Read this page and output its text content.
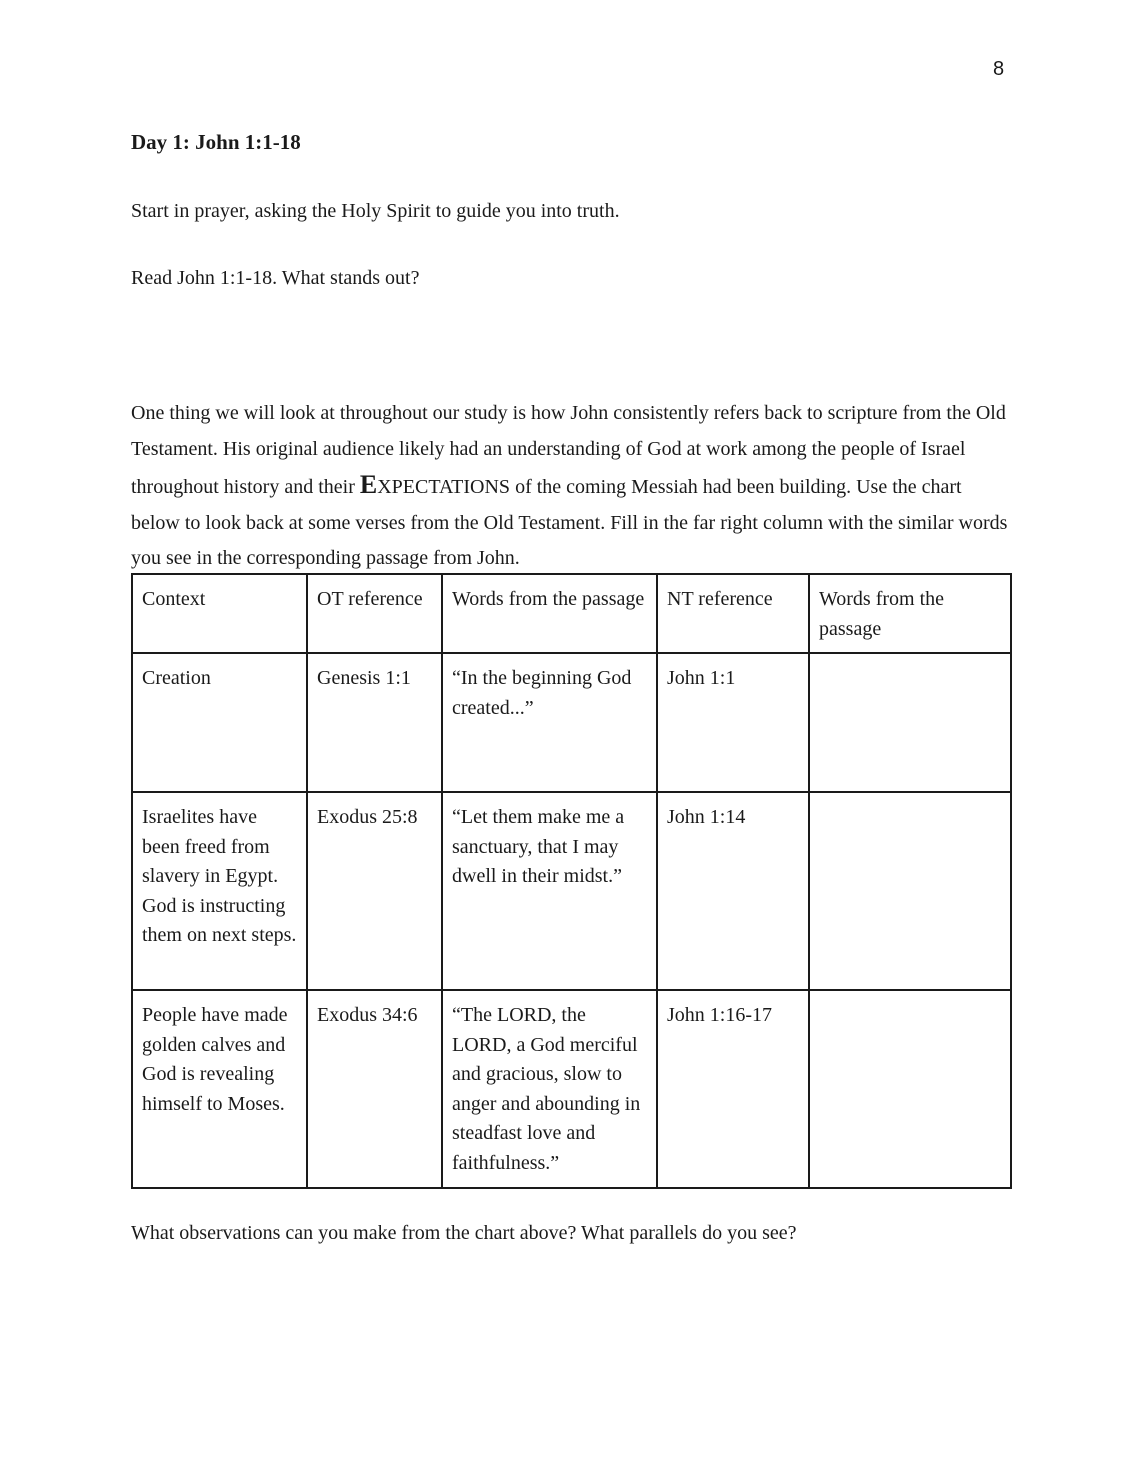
8
Day 1: John 1:1-18

Start in prayer, asking the Holy Spirit to guide you into truth.

Read John 1:1-18. What stands out?

One thing we will look at throughout our study is how John consistently refers back to scripture from the Old Testament. His original audience likely had an understanding of God at work among the people of Israel throughout history and their EXPECTATIONS of the coming Messiah had been building. Use the chart below to look back at some verses from the Old Testament. Fill in the far right column with the similar words you see in the corresponding passage from John.

Context	OT reference	Words from the passage	NT reference	Words from the passage
Creation	Genesis 1:1	“In the beginning God created...”	John 1:1	
Israelites have been freed from slavery in Egypt. God is instructing them on next steps.	Exodus 25:8	“Let them make me a sanctuary, that I may dwell in their midst.”	John 1:14	
People have made golden calves and God is revealing himself to Moses.	Exodus 34:6	“The LORD, the LORD, a God merciful and gracious, slow to anger and abounding in steadfast love and faithfulness.”	John 1:16-17	

What observations can you make from the chart above? What parallels do you see?
